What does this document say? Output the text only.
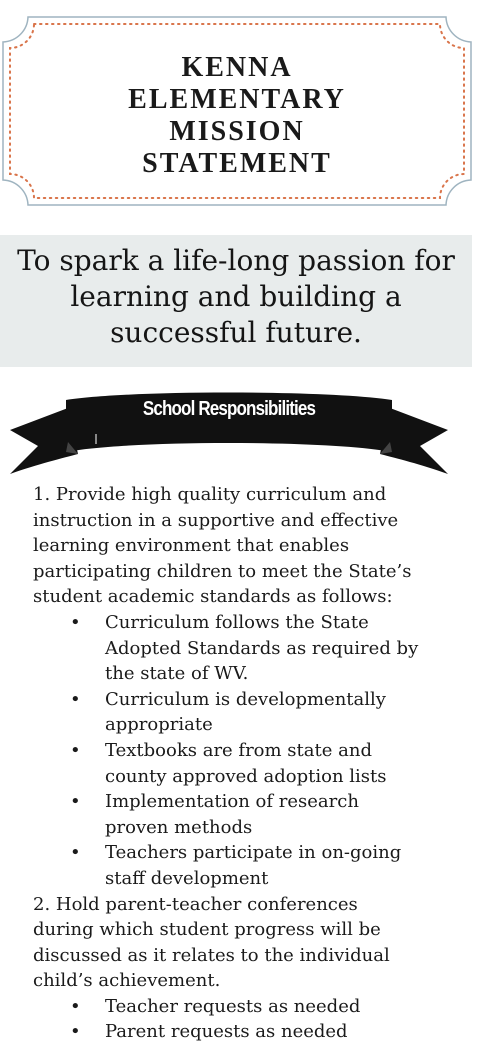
KENNA
ELEMENTARY
MISSION
STATEMENT
To spark a life-long passion for
learning and building a
successful future.
School Responsibilities
1. Provide high quality curriculum and
instruction in a supportive and effective
learning environment that enables
participating children to meet the State’s
student academic standards as follows:
• Curriculum follows the State
Adopted Standards as required by
the state of WV.
• Curriculum is developmentally
appropriate
• Textbooks are from state and
county approved adoption lists
• Implementation of research
proven methods
• Teachers participate in on-going
staff development
2. Hold parent-teacher conferences
during which student progress will be
discussed as it relates to the individual
child’s achievement.
• Teacher requests as needed
• Parent requests as needed
